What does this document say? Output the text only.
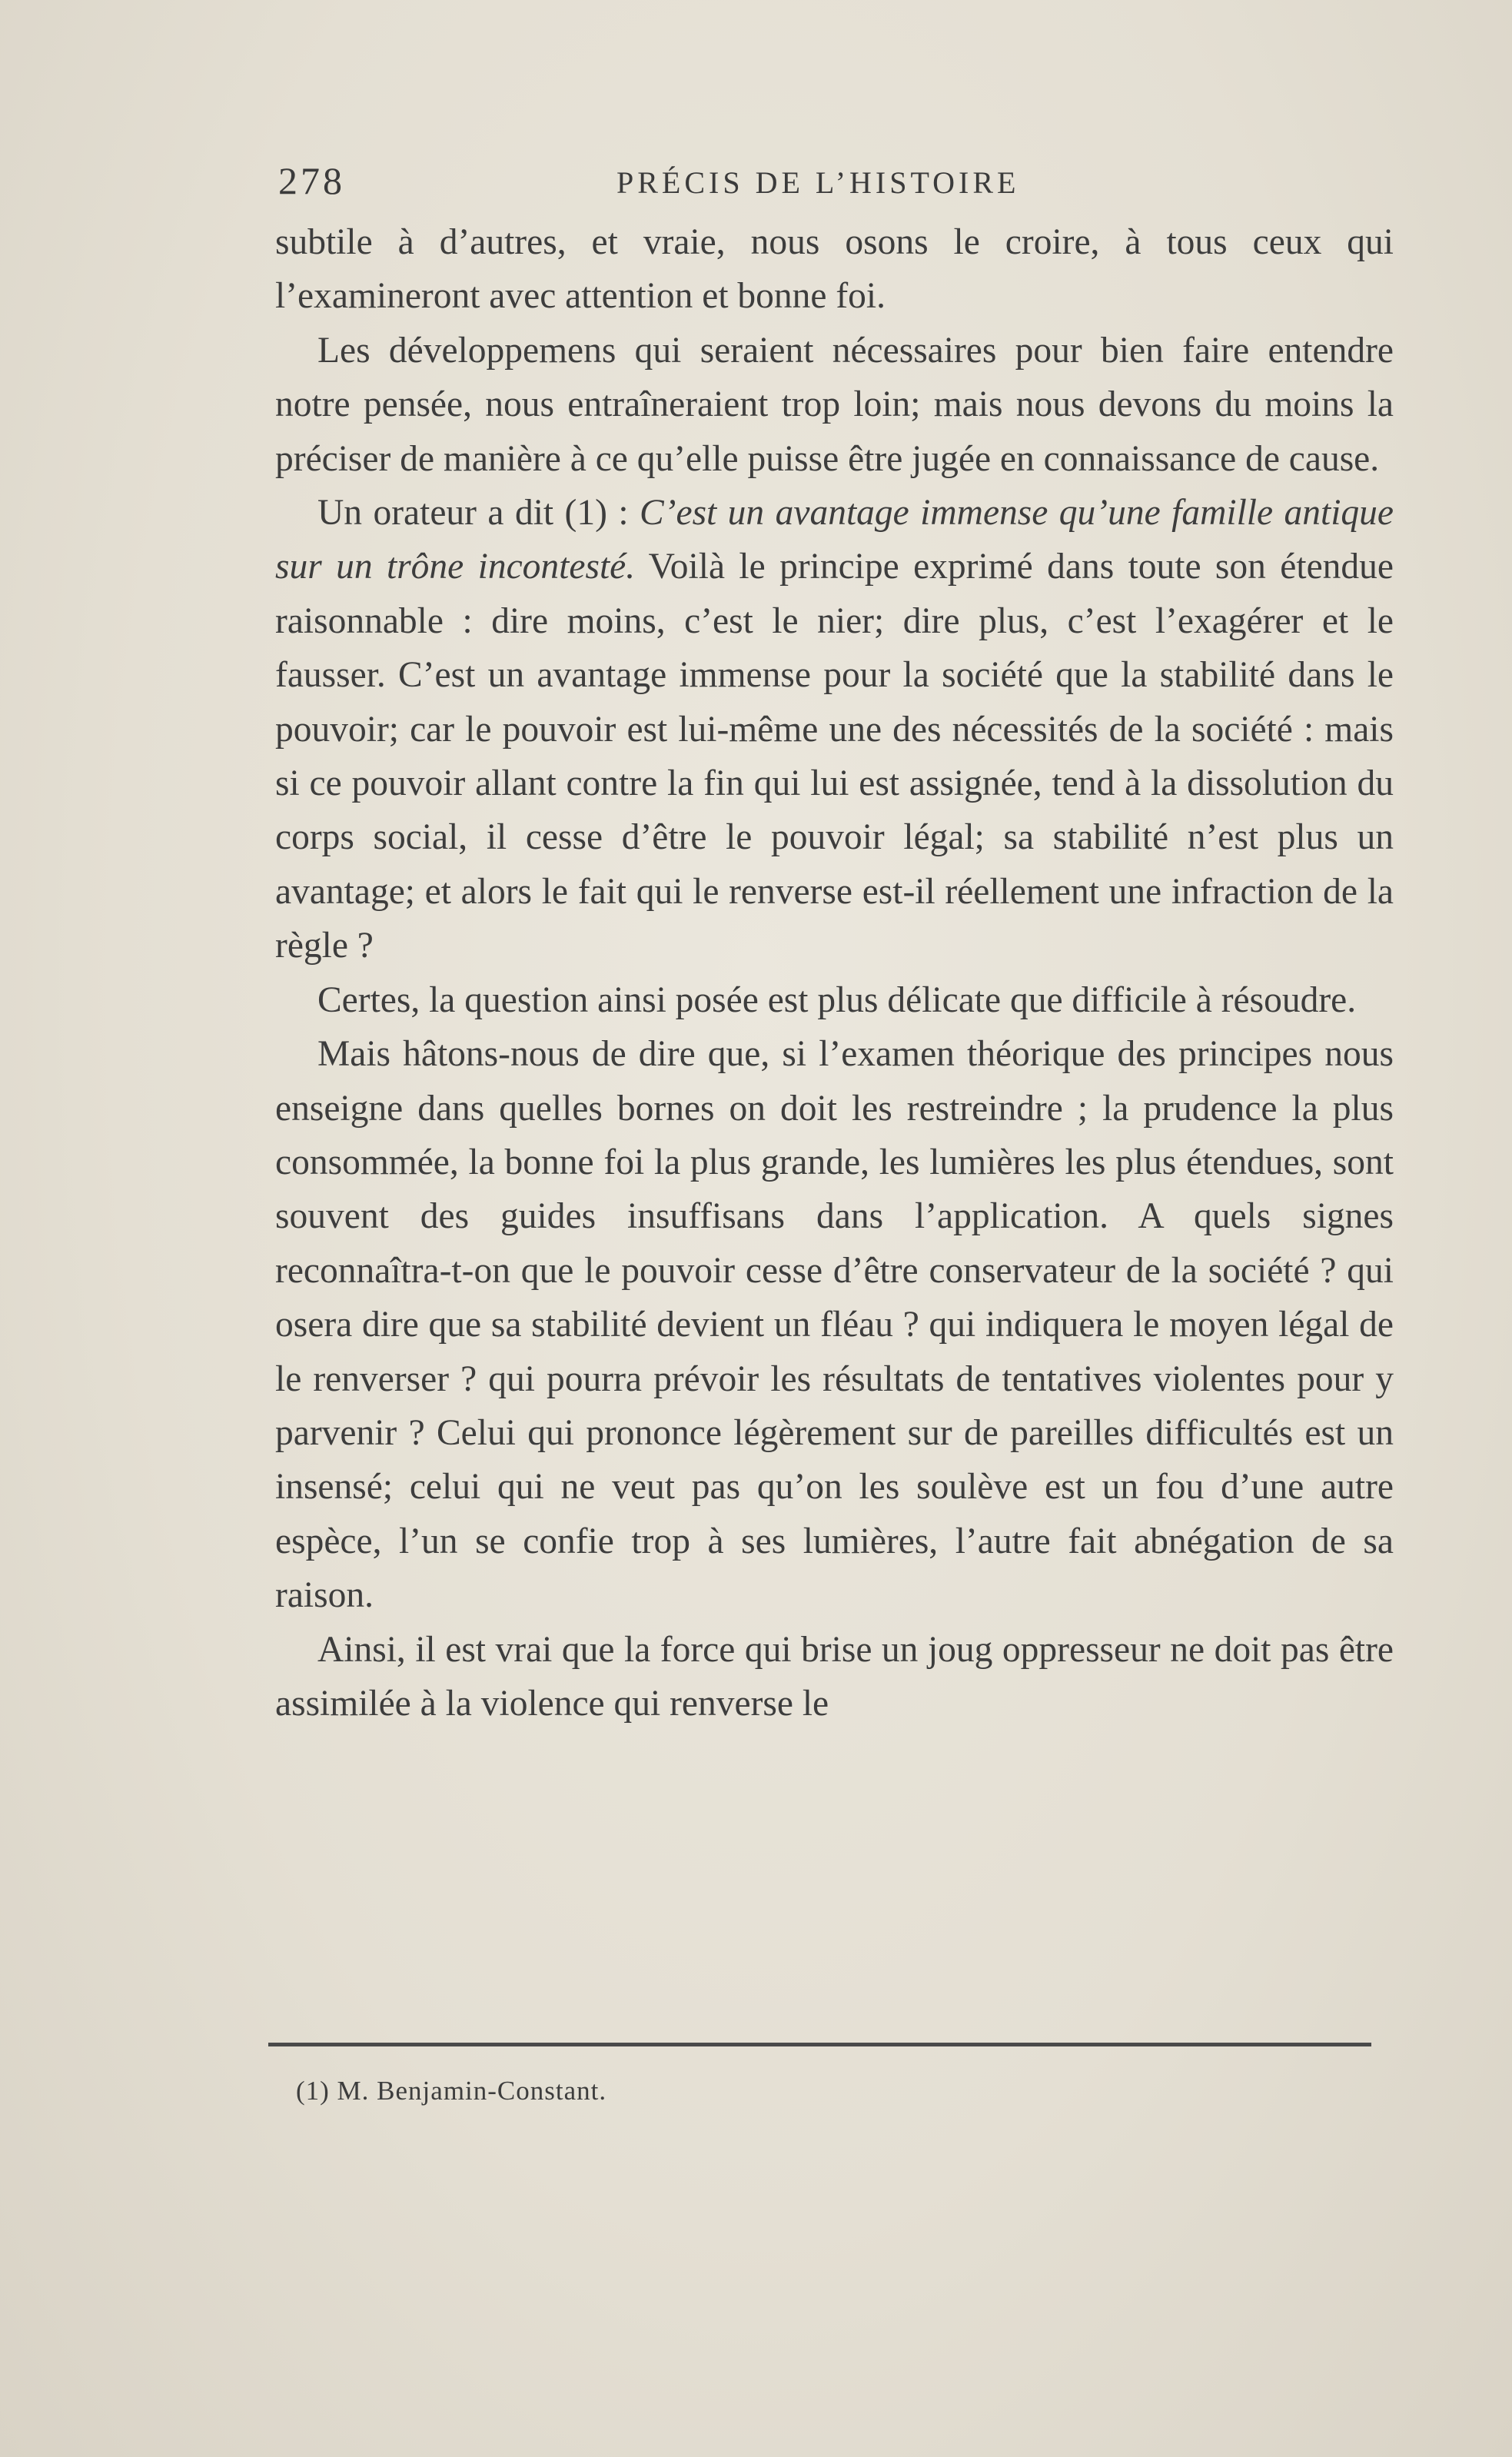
278	PRÉCIS DE L’HISTOIRE

subtile à d’autres, et vraie, nous osons le croire, à tous ceux qui l’examineront avec attention et bonne foi.

Les développemens qui seraient nécessaires pour bien faire entendre notre pensée, nous entraîneraient trop loin; mais nous devons du moins la préciser de manière à ce qu’elle puisse être jugée en connaissance de cause.

Un orateur a dit (1) : C’est un avantage immense qu’une famille antique sur un trône incontesté. Voilà le principe exprimé dans toute son étendue raisonnable : dire moins, c’est le nier; dire plus, c’est l’exagérer et le fausser. C’est un avantage immense pour la société que la stabilité dans le pouvoir; car le pouvoir est lui-même une des nécessités de la société : mais si ce pouvoir allant contre la fin qui lui est assignée, tend à la dissolution du corps social, il cesse d’être le pouvoir légal; sa stabilité n’est plus un avantage; et alors le fait qui le renverse est-il réellement une infraction de la règle ?

Certes, la question ainsi posée est plus délicate que difficile à résoudre.

Mais hâtons-nous de dire que, si l’examen théorique des principes nous enseigne dans quelles bornes on doit les restreindre ; la prudence la plus consommée, la bonne foi la plus grande, les lumières les plus étendues, sont souvent des guides insuffisans dans l’application. A quels signes reconnaîtra-t-on que le pouvoir cesse d’être conservateur de la société ? qui osera dire que sa stabilité devient un fléau ? qui indiquera le moyen légal de le renverser ? qui pourra prévoir les résultats de tentatives violentes pour y parvenir ? Celui qui prononce légèrement sur de pareilles difficultés est un insensé; celui qui ne veut pas qu’on les soulève est un fou d’une autre espèce, l’un se confie trop à ses lumières, l’autre fait abnégation de sa raison.

Ainsi, il est vrai que la force qui brise un joug oppresseur ne doit pas être assimilée à la violence qui renverse le

(1) M. Benjamin-Constant.
